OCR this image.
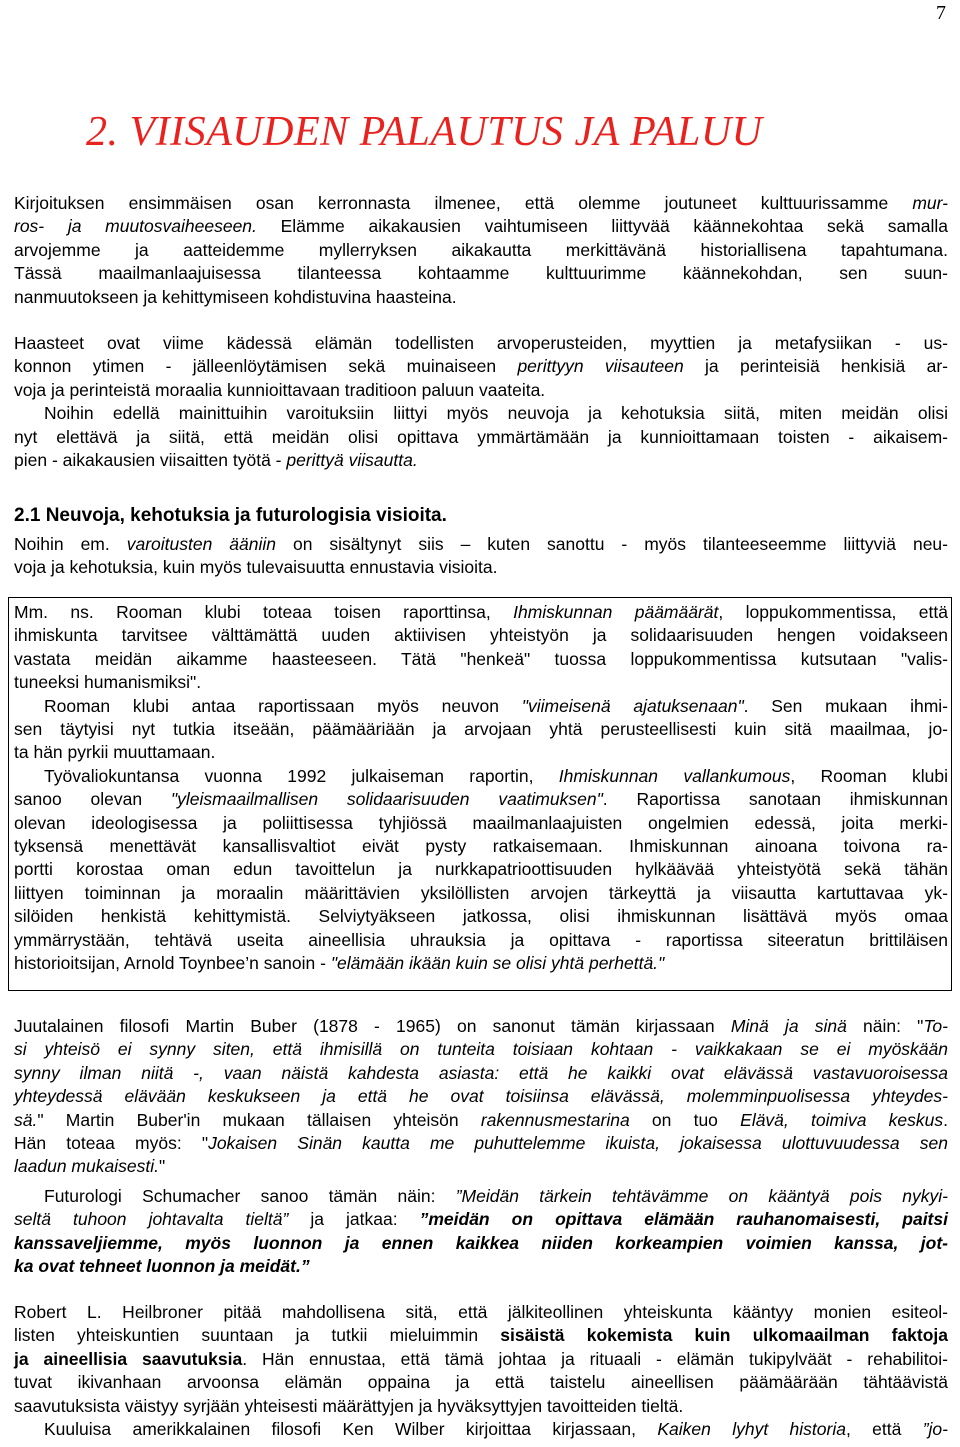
7
2. VIISAUDEN PALAUTUS JA PALUU
Kirjoituksen ensimmäisen osan kerronnasta ilmenee, että olemme joutuneet kulttuurissamme mur-
ros- ja muutosvaiheeseen. Elämme aikakausien vaihtumiseen liittyvää käännekohtaa sekä samalla
arvojemme ja aatteidemme myllerryksen aikakautta merkittävänä historiallisena tapahtumana.
Tässä maailmanlaajuisessa tilanteessa kohtaamme kulttuurimme käännekohdan, sen suun-
nanmuutokseen ja kehittymiseen kohdistuvina haasteina.
Haasteet ovat viime kädessä elämän todellisten arvoperusteiden, myyttien ja metafysiikan - us-
konnon ytimen - jälleenlöytämisen sekä muinaiseen perittyyn viisauteen ja perinteisiä henkisiä ar-
voja ja perinteistä moraalia kunnioittavaan traditioon paluun vaateita.
Noihin edellä mainittuihin varoituksiin liittyi myös neuvoja ja kehotuksia siitä, miten meidän olisi
nyt elettävä ja siitä, että meidän olisi opittava ymmärtämään ja kunnioittamaan toisten - aikaisem-
pien - aikakausien viisaitten työtä - perittyä viisautta.
2.1 Neuvoja, kehotuksia ja futurologisia visioita.
Noihin em. varoitusten ääniin on sisältynyt siis – kuten sanottu - myös tilanteeseemme liittyviä neu-
voja ja kehotuksia, kuin myös tulevaisuutta ennustavia visioita.
Mm. ns. Rooman klubi toteaa toisen raporttinsa, Ihmiskunnan päämäärät, loppukommentissa, että
ihmiskunta tarvitsee välttämättä uuden aktiivisen yhteistyön ja solidaarisuuden hengen voidakseen
vastata meidän aikamme haasteeseen. Tätä "henkeä" tuossa loppukommentissa kutsutaan "valis-
tuneeksi humanismiksi".
Rooman klubi antaa raportissaan myös neuvon "viimeisenä ajatuksenaan". Sen mukaan ihmi-
sen täytyisi nyt tutkia itseään, päämääriään ja arvojaan yhtä perusteellisesti kuin sitä maailmaa, jo-
ta hän pyrkii muuttamaan.
Työvaliokuntansa vuonna 1992 julkaiseman raportin, Ihmiskunnan vallankumous, Rooman klubi
sanoo olevan "yleismaailmallisen solidaarisuuden vaatimuksen". Raportissa sanotaan ihmiskunnan
olevan ideologisessa ja poliittisessa tyhjiössä maailmanlaajuisten ongelmien edessä, joita merki-
tyksensä menettävät kansallisvaltiot eivät pysty ratkaisemaan. Ihmiskunnan ainoana toivona ra-
portti korostaa oman edun tavoittelun ja nurkkapatrioottisuuden hylkäävää yhteistyötä sekä tähän
liittyen toiminnan ja moraalin määrittävien yksilöllisten arvojen tärkeyttä ja viisautta kartuttavaa yk-
silöiden henkistä kehittymistä. Selviytyäkseen jatkossa, olisi ihmiskunnan lisättävä myös omaa
ymmärrystään, tehtävä useita aineellisia uhrauksia ja opittava - raportissa siteeratun brittiläisen
historioitsijan, Arnold Toynbee’n sanoin - "elämään ikään kuin se olisi yhtä perhettä."
Juutalainen filosofi Martin Buber (1878 - 1965) on sanonut tämän kirjassaan Minä ja sinä näin: "To-
si yhteisö ei synny siten, että ihmisillä on tunteita toisiaan kohtaan - vaikkakaan se ei myöskään
synny ilman niitä -, vaan näistä kahdesta asiasta: että he kaikki ovat elävässä vastavuoroisessa
yhteydessä elävään keskukseen ja että he ovat toisiinsa elävässä, molemminpuolisessa yhteydes-
sä." Martin Buber'in mukaan tällaisen yhteisön rakennusmestarina on tuo Elävä, toimiva keskus.
Hän toteaa myös: "Jokaisen Sinän kautta me puhuttelemme ikuista, jokaisessa ulottuvuudessa sen
laadun mukaisesti."
Futurologi Schumacher sanoo tämän näin: ”Meidän tärkein tehtävämme on kääntyä pois nykyi-
seltä tuhoon johtavalta tieltä” ja jatkaa: ”meidän on opittava elämään rauhanomaisesti, paitsi
kanssaveljiemme, myös luonnon ja ennen kaikkea niiden korkeampien voimien kanssa, jot-
ka ovat tehneet luonnon ja meidät.”
Robert L. Heilbroner pitää mahdollisena sitä, että jälkiteollinen yhteiskunta kääntyy monien esiteol-
listen yhteiskuntien suuntaan ja tutkii mieluimmin sisäistä kokemista kuin ulkomaailman faktoja
ja aineellisia saavutuksia. Hän ennustaa, että tämä johtaa ja rituaali - elämän tukipylväät - rehabilitoi-
tuvat ikivanhaan arvoonsa elämän oppaina ja että taistelu aineellisen päämäärään tähtäävistä
saavutuksista väistyy syrjään yhteisesti määrättyjen ja hyväksyttyjen tavoitteiden tieltä.
Kuuluisa amerikkalainen filosofi Ken Wilber kirjoittaa kirjassaan, Kaiken lyhyt historia, että ”jo-
